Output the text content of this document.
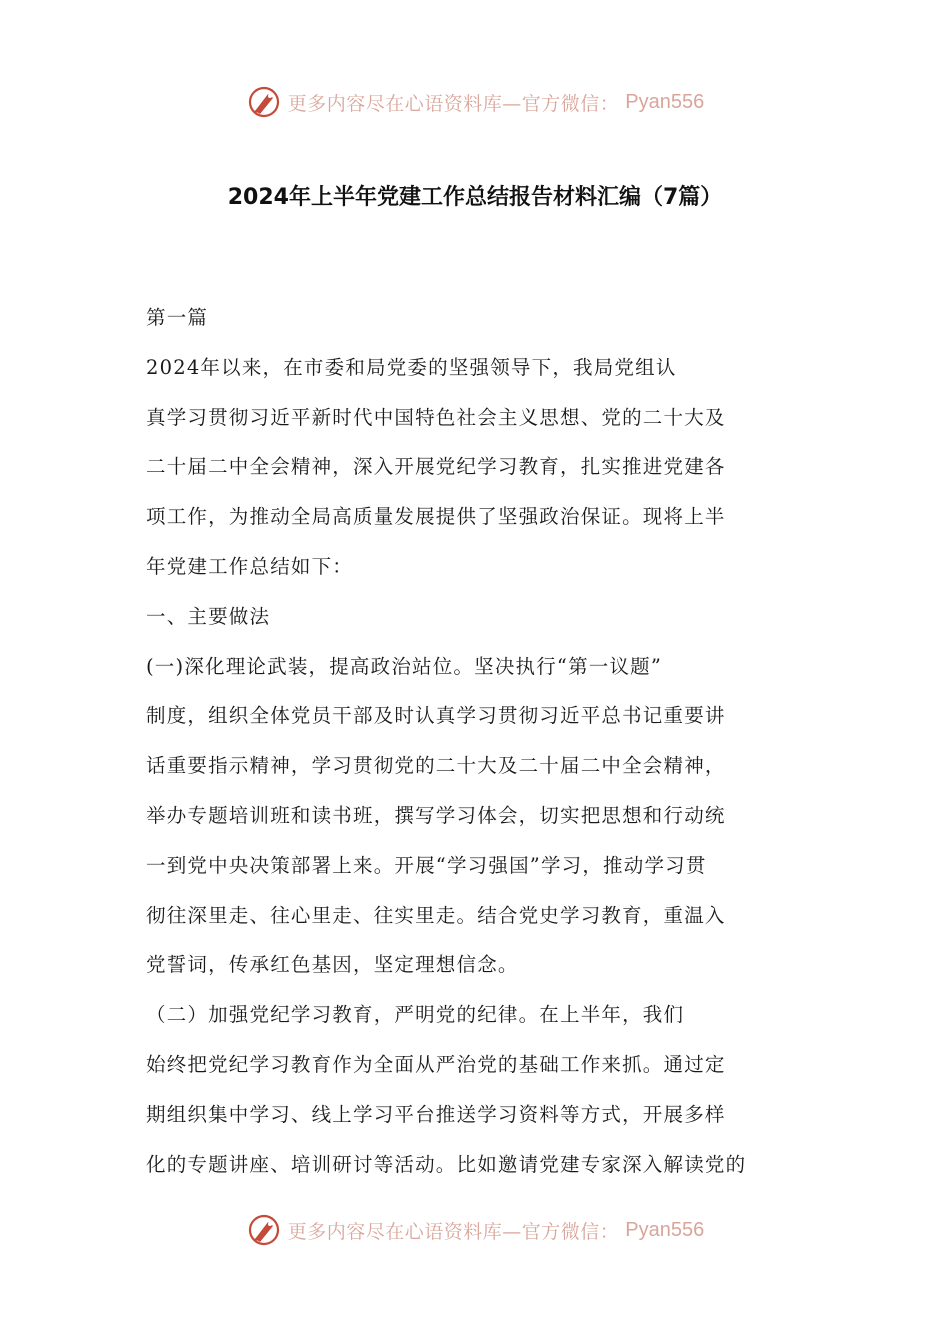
更多内容尽在心语资料库—官方微信： Pyan556
2024年上半年党建工作总结报告材料汇编（7篇）
第一篇
2024年以来，在市委和局党委的坚强领导下，我局党组认
真学习贯彻习近平新时代中国特色社会主义思想、党的二十大及
二十届二中全会精神，深入开展党纪学习教育，扎实推进党建各
项工作，为推动全局高质量发展提供了坚强政治保证。现将上半
年党建工作总结如下：
一、主要做法
(一)深化理论武装，提高政治站位。坚决执行“第一议题”
制度，组织全体党员干部及时认真学习贯彻习近平总书记重要讲
话重要指示精神，学习贯彻党的二十大及二十届二中全会精神，
举办专题培训班和读书班，撰写学习体会，切实把思想和行动统
一到党中央决策部署上来。开展“学习强国”学习，推动学习贯
彻往深里走、往心里走、往实里走。结合党史学习教育，重温入
党誓词，传承红色基因，坚定理想信念。
（二）加强党纪学习教育，严明党的纪律。在上半年，我们
始终把党纪学习教育作为全面从严治党的基础工作来抓。通过定
期组织集中学习、线上学习平台推送学习资料等方式，开展多样
化的专题讲座、培训研讨等活动。比如邀请党建专家深入解读党的
更多内容尽在心语资料库—官方微信： Pyan556
